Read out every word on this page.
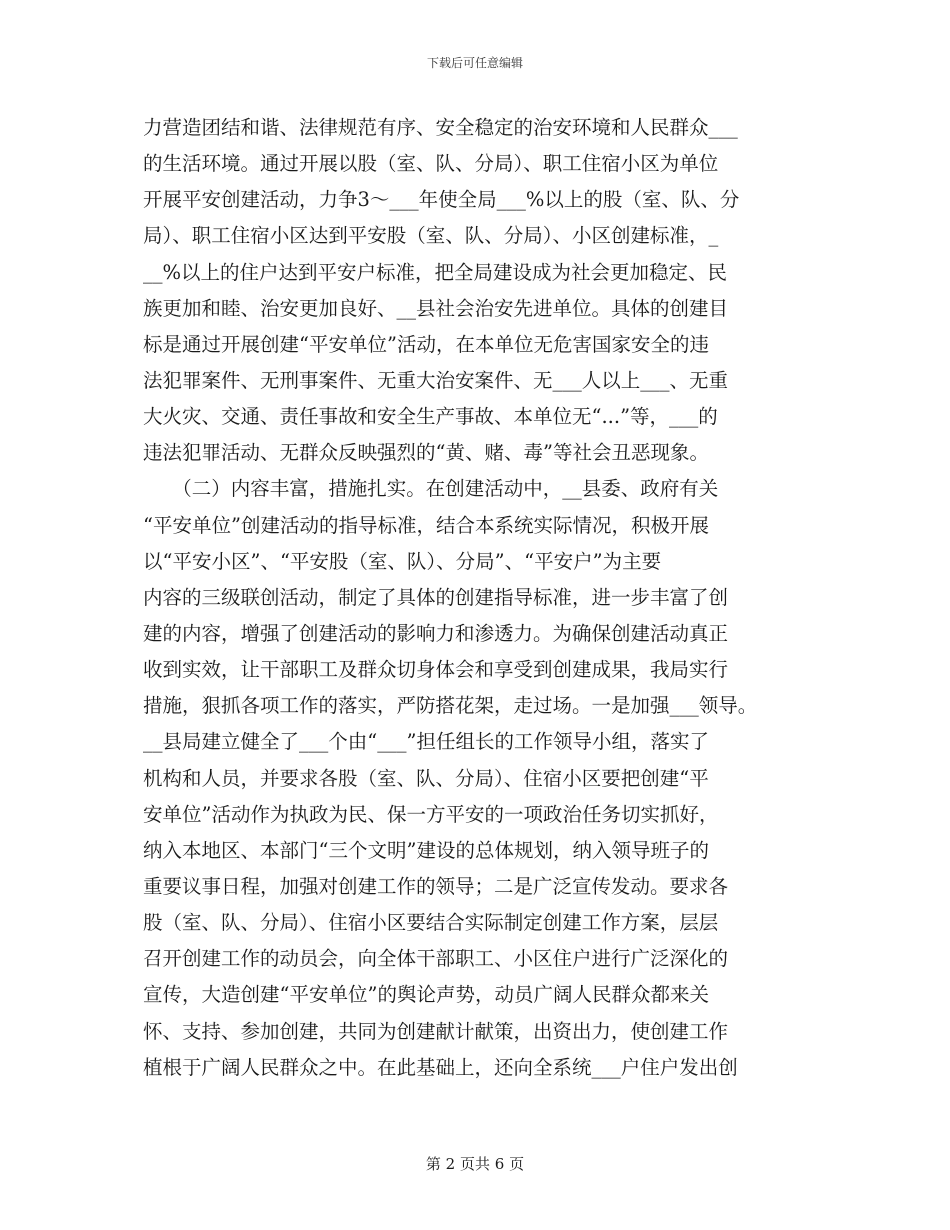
下载后可任意编辑
力营造团结和谐、法律规范有序、安全稳定的治安环境和人民群众___
的生活环境。通过开展以股（室、队、分局）、职工住宿小区为单位
开展平安创建活动，力争3～___年使全局___%以上的股（室、队、分
局）、职工住宿小区达到平安股（室、队、分局）、小区创建标准，_
__%以上的住户达到平安户标准，把全局建设成为社会更加稳定、民
族更加和睦、治安更加良好、__县社会治安先进单位。具体的创建目
标是通过开展创建“平安单位”活动，在本单位无危害国家安全的违
法犯罪案件、无刑事案件、无重大治安案件、无___人以上___、无重
大火灾、交通、责任事故和安全生产事故、本单位无“...”等，___的
违法犯罪活动、无群众反映强烈的“黄、赌、毒”等社会丑恶现象。
　　（二）内容丰富，措施扎实。在创建活动中，__县委、政府有关
“平安单位”创建活动的指导标准，结合本系统实际情况，积极开展
以“平安小区”、“平安股（室、队）、分局”、“平安户”为主要
内容的三级联创活动，制定了具体的创建指导标准，进一步丰富了创
建的内容，增强了创建活动的影响力和渗透力。为确保创建活动真正
收到实效，让干部职工及群众切身体会和享受到创建成果，我局实行
措施，狠抓各项工作的落实，严防搭花架，走过场。一是加强___领导。
__县局建立健全了___个由“___”担任组长的工作领导小组，落实了
机构和人员，并要求各股（室、队、分局）、住宿小区要把创建“平
安单位”活动作为执政为民、保一方平安的一项政治任务切实抓好，
纳入本地区、本部门“三个文明”建设的总体规划，纳入领导班子的
重要议事日程，加强对创建工作的领导；二是广泛宣传发动。要求各
股（室、队、分局）、住宿小区要结合实际制定创建工作方案，层层
召开创建工作的动员会，向全体干部职工、小区住户进行广泛深化的
宣传，大造创建“平安单位”的舆论声势，动员广阔人民群众都来关
怀、支持、参加创建，共同为创建献计献策，出资出力，使创建工作
植根于广阔人民群众之中。在此基础上，还向全系统___户住户发出创
第 2 页共 6 页
